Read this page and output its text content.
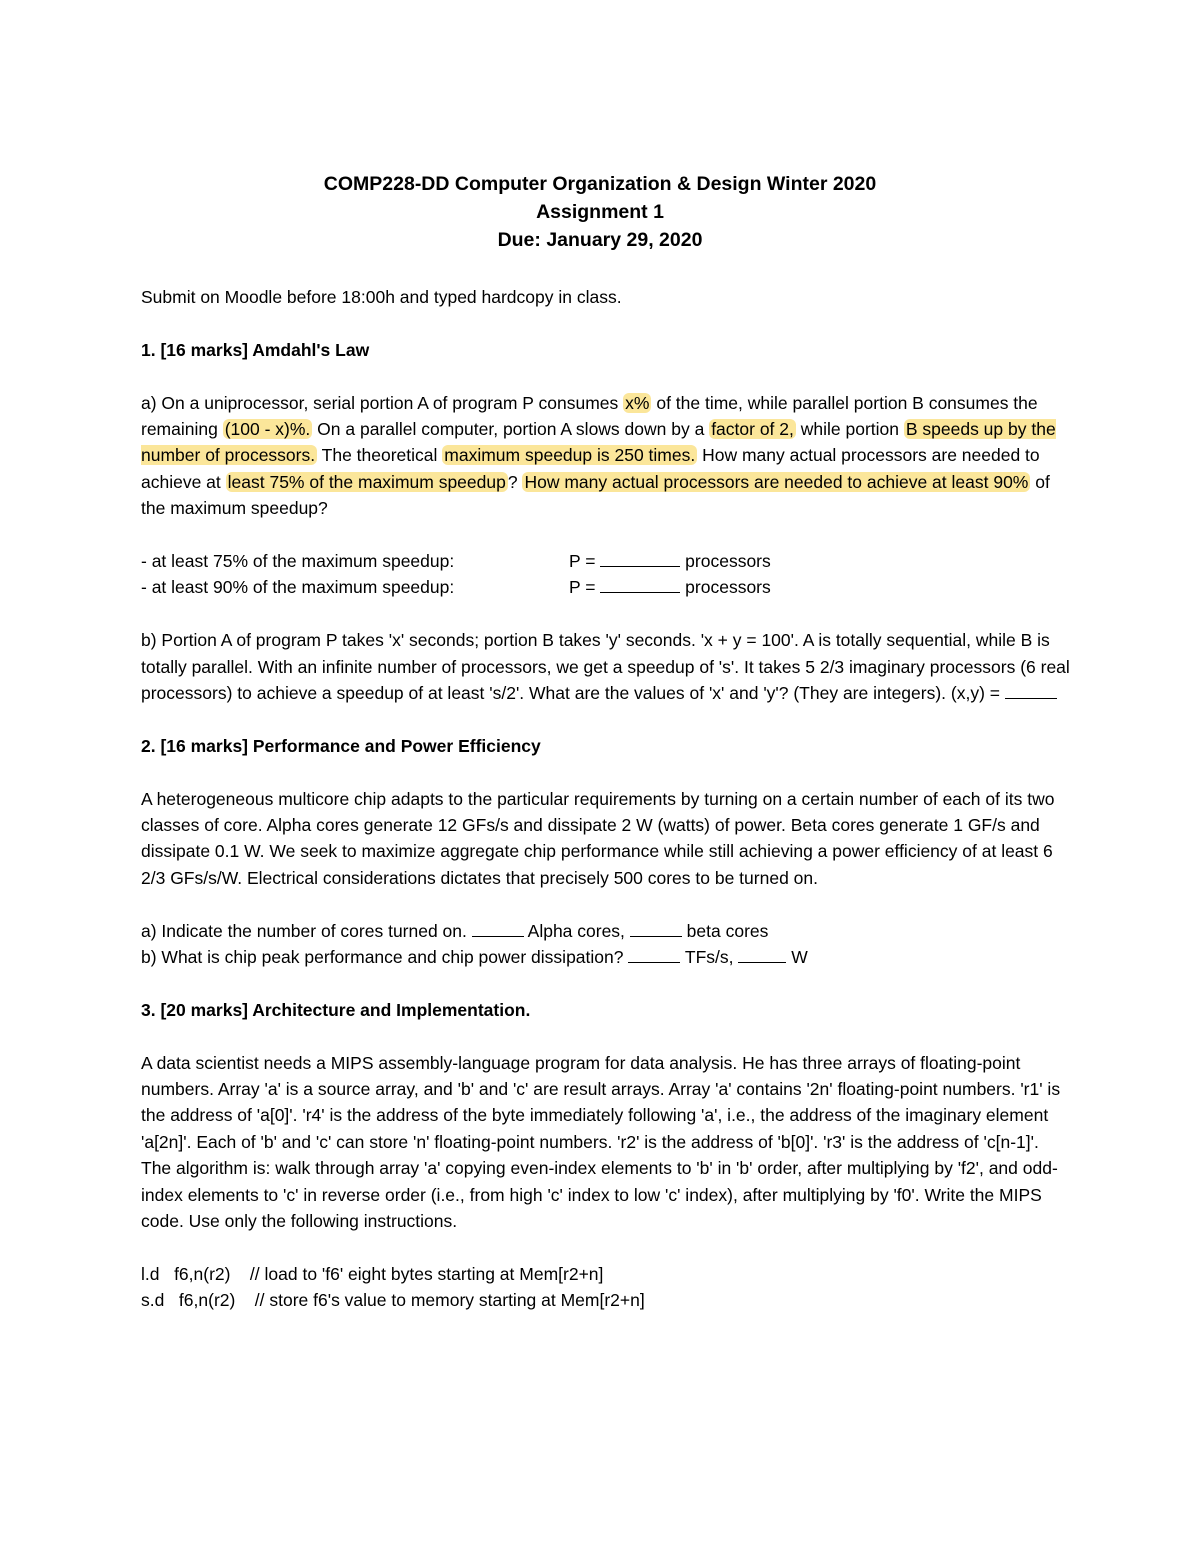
COMP228-DD Computer Organization & Design Winter 2020
Assignment 1
Due: January 29, 2020

Submit on Moodle before 18:00h and typed hardcopy in class.

1. [16 marks] Amdahl's Law

a) On a uniprocessor, serial portion A of program P consumes x% of the time, while parallel portion B consumes the remaining (100 - x)%. On a parallel computer, portion A slows down by a factor of 2, while portion B speeds up by the number of processors. The theoretical maximum speedup is 250 times. How many actual processors are needed to achieve at least 75% of the maximum speedup ? How many actual processors are needed to achieve at least 90% of the maximum speedup?

- at least 75% of the maximum speedup:	P = processors
- at least 90% of the maximum speedup:	P = processors

b) Portion A of program P takes 'x' seconds; portion B takes 'y' seconds. 'x + y = 100'. A is totally sequential, while B is totally parallel. With an infinite number of processors, we get a speedup of 's'. It takes 5 2/3 imaginary processors (6 real processors) to achieve a speedup of at least 's/2'. What are the values of 'x' and 'y'? (They are integers). (x,y) =

2. [16 marks] Performance and Power Efficiency

A heterogeneous multicore chip adapts to the particular requirements by turning on a certain number of each of its two classes of core. Alpha cores generate 12 GFs/s and dissipate 2 W (watts) of power. Beta cores generate 1 GF/s and dissipate 0.1 W. We seek to maximize aggregate chip performance while still achieving a power efficiency of at least 6 2/3 GFs/s/W. Electrical considerations dictates that precisely 500 cores to be turned on.

a) Indicate the number of cores turned on.	Alpha cores,	beta cores
b) What is chip peak performance and chip power dissipation?	TFs/s,	W

3. [20 marks] Architecture and Implementation.

A data scientist needs a MIPS assembly-language program for data analysis. He has three arrays of floating-point numbers. Array 'a' is a source array, and 'b' and 'c' are result arrays. Array 'a' contains '2n' floating-point numbers. 'r1' is the address of 'a[0]'. 'r4' is the address of the byte immediately following 'a', i.e., the address of the imaginary element 'a[2n]'. Each of 'b' and 'c' can store 'n' floating-point numbers. 'r2' is the address of 'b[0]'. 'r3' is the address of 'c[n-1]'. The algorithm is: walk through array 'a' copying even-index elements to 'b' in 'b' order, after multiplying by 'f2', and odd-index elements to 'c' in reverse order (i.e., from high 'c' index to low 'c' index), after multiplying by 'f0'. Write the MIPS code. Use only the following instructions.

l.d   f6,n(r2)    // load to 'f6' eight bytes starting at Mem[r2+n]
s.d   f6,n(r2)    // store f6's value to memory starting at Mem[r2+n]
